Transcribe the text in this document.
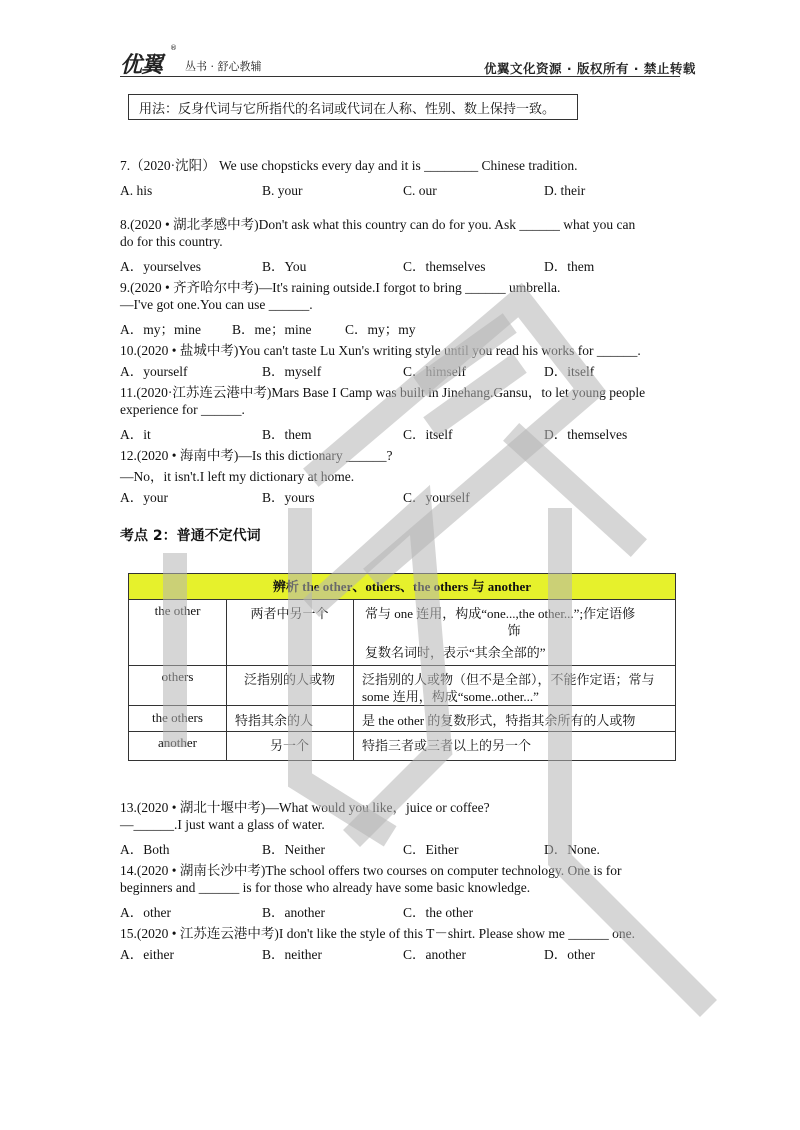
优翼
®
丛书 · 舒心教辅	优翼文化资源 · 版权所有 · 禁止转载
用法：反身代词与它所指代的名词或代词在人称、性别、数上保持一致。
7.（2020·沈阳） We use chopsticks every day and it is ________ Chinese tradition.
A. his	B. your	C. our	D. their
8.(2020 • 湖北孝感中考)Don't ask what this country can do for you. Ask ______ what you can
do for this country.
A．yourselves	B．You	C．themselves	D．them
9.(2020 • 齐齐哈尔中考)—It's raining outside.I forgot to bring ______ umbrella.
—I've got one.You can use ______.
A．my；mine B．me；mine C．my；my
10.(2020 • 盐城中考)You can't taste Lu Xun's writing style until you read his works for ______.
A．yourself	B．myself	C．himself	D．itself
11.(2020·江苏连云港中考)Mars Base I Camp was built in Jinehang.Gansu，to let young people
experience for ______.
A．it	B．them	C．itself	D．themselves
12.(2020 • 海南中考)—Is this dictionary ______?
—No，it isn't.I left my dictionary at home.
A．your	B．yours	C．yourself
考点 2：普通不定代词
辨析 the other、others、the others 与 another
the other	两者中另一个	常与 one 连用，构成“one...,the other...”;作定语修
饰
复数名词时，表示“其余全部的”
others	泛指别的人或物	泛指别的人或物（但不是全部），不能作定语；常与
some 连用，构成“some..other...”
the others	特指其余的人	是 the other 的复数形式，特指其余所有的人或物
another	另一个	特指三者或三者以上的另一个
13.(2020 • 湖北十堰中考)—What would you like，juice or coffee?
—______.I just want a glass of water.
A．Both	B．Neither	C．Either	D．None.
14.(2020 • 湖南长沙中考)The school offers two courses on computer technology. One is for
beginners and ______ is for those who already have some basic knowledge.
A．other	B．another	C．the other
15.(2020 • 江苏连云港中考)I don't like the style of this T－shirt. Please show me ______ one.
A．either	B．neither	C．another	D．other
